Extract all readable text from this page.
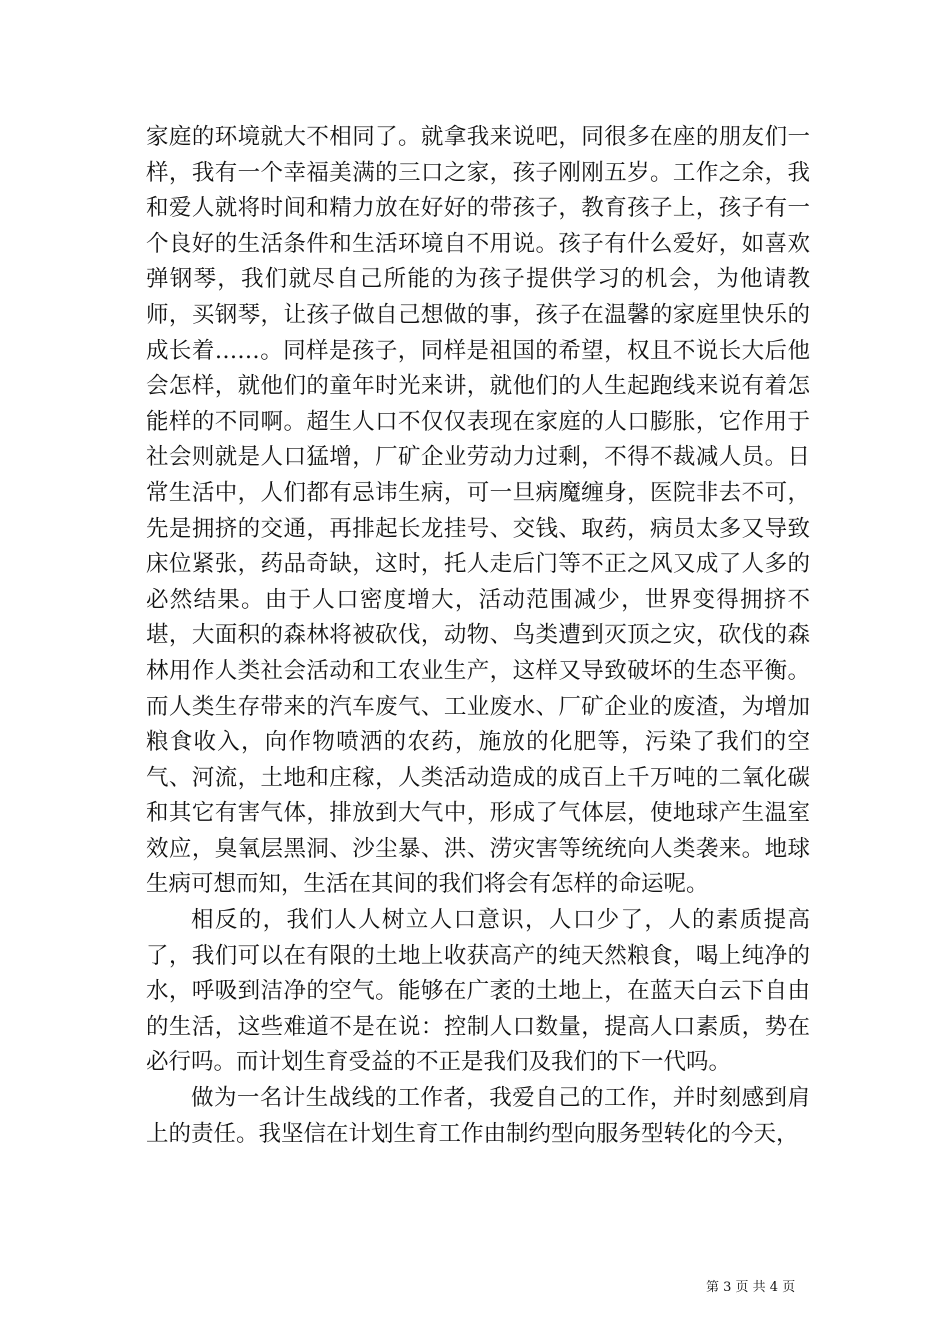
家庭的环境就大不相同了。就拿我来说吧，同很多在座的朋友们一样，我有一个幸福美满的三口之家，孩子刚刚五岁。工作之余，我和爱人就将时间和精力放在好好的带孩子，教育孩子上，孩子有一个良好的生活条件和生活环境自不用说。孩子有什么爱好，如喜欢弹钢琴，我们就尽自己所能的为孩子提供学习的机会，为他请教师，买钢琴，让孩子做自己想做的事，孩子在温馨的家庭里快乐的成长着……。同样是孩子，同样是祖国的希望，权且不说长大后他会怎样，就他们的童年时光来讲，就他们的人生起跑线来说有着怎能样的不同啊。超生人口不仅仅表现在家庭的人口膨胀，它作用于社会则就是人口猛增，厂矿企业劳动力过剩，不得不裁减人员。日常生活中，人们都有忌讳生病，可一旦病魔缠身，医院非去不可，先是拥挤的交通，再排起长龙挂号、交钱、取药，病员太多又导致床位紧张，药品奇缺，这时，托人走后门等不正之风又成了人多的必然结果。由于人口密度增大，活动范围减少，世界变得拥挤不堪，大面积的森林将被砍伐，动物、鸟类遭到灭顶之灾，砍伐的森林用作人类社会活动和工农业生产，这样又导致破坏的生态平衡。而人类生存带来的汽车废气、工业废水、厂矿企业的废渣，为增加粮食收入，向作物喷洒的农药，施放的化肥等，污染了我们的空气、河流，土地和庄稼，人类活动造成的成百上千万吨的二氧化碳和其它有害气体，排放到大气中，形成了气体层，使地球产生温室效应，臭氧层黑洞、沙尘暴、洪、涝灾害等统统向人类袭来。地球生病可想而知，生活在其间的我们将会有怎样的命运呢。

相反的，我们人人树立人口意识，人口少了，人的素质提高了，我们可以在有限的土地上收获高产的纯天然粮食，喝上纯净的水，呼吸到洁净的空气。能够在广袤的土地上，在蓝天白云下自由的生活，这些难道不是在说：控制人口数量，提高人口素质，势在必行吗。而计划生育受益的不正是我们及我们的下一代吗。

做为一名计生战线的工作者，我爱自己的工作，并时刻感到肩上的责任。我坚信在计划生育工作由制约型向服务型转化的今天，

第 3 页 共 4 页
